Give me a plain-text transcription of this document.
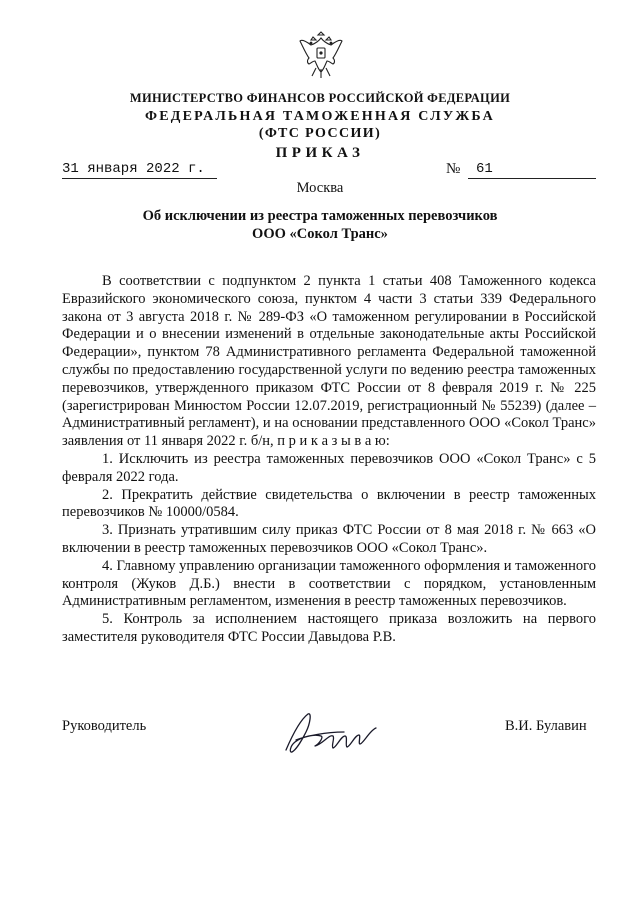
МИНИСТЕРСТВО ФИНАНСОВ РОССИЙСКОЙ ФЕДЕРАЦИИ
ФЕДЕРАЛЬНАЯ ТАМОЖЕННАЯ СЛУЖБА
(ФТС РОССИИ)
ПРИКАЗ
31 января 2022 г.	№	61
Москва
Об исключении из реестра таможенных перевозчиков
ООО «Сокол Транс»

В соответствии с подпунктом 2 пункта 1 статьи 408 Таможенного кодекса Евразийского экономического союза, пунктом 4 части 3 статьи 339 Федерального закона от 3 августа 2018 г. № 289-ФЗ «О таможенном регулировании в Российской Федерации и о внесении изменений в отдельные законодательные акты Российской Федерации», пунктом 78 Административного регламента Федеральной таможенной службы по предоставлению государственной услуги по ведению реестра таможенных перевозчиков, утвержденного приказом ФТС России от 8 февраля 2019 г. № 225 (зарегистрирован Минюстом России 12.07.2019, регистрационный № 55239) (далее – Административный регламент), и на основании представленного ООО «Сокол Транс» заявления от 11 января 2022 г. б/н, п р и к а з ы в а ю:

1. Исключить из реестра таможенных перевозчиков ООО «Сокол Транс» с 5 февраля 2022 года.

2. Прекратить действие свидетельства о включении в реестр таможенных перевозчиков № 10000/0584.

3. Признать утратившим силу приказ ФТС России от 8 мая 2018 г. № 663 «О включении в реестр таможенных перевозчиков ООО «Сокол Транс».

4. Главному управлению организации таможенного оформления и таможенного контроля (Жуков Д.Б.) внести в соответствии с порядком, установленным Административным регламентом, изменения в реестр таможенных перевозчиков.

5. Контроль за исполнением настоящего приказа возложить на первого заместителя руководителя ФТС России Давыдова Р.В.

Руководитель	В.И. Булавин
